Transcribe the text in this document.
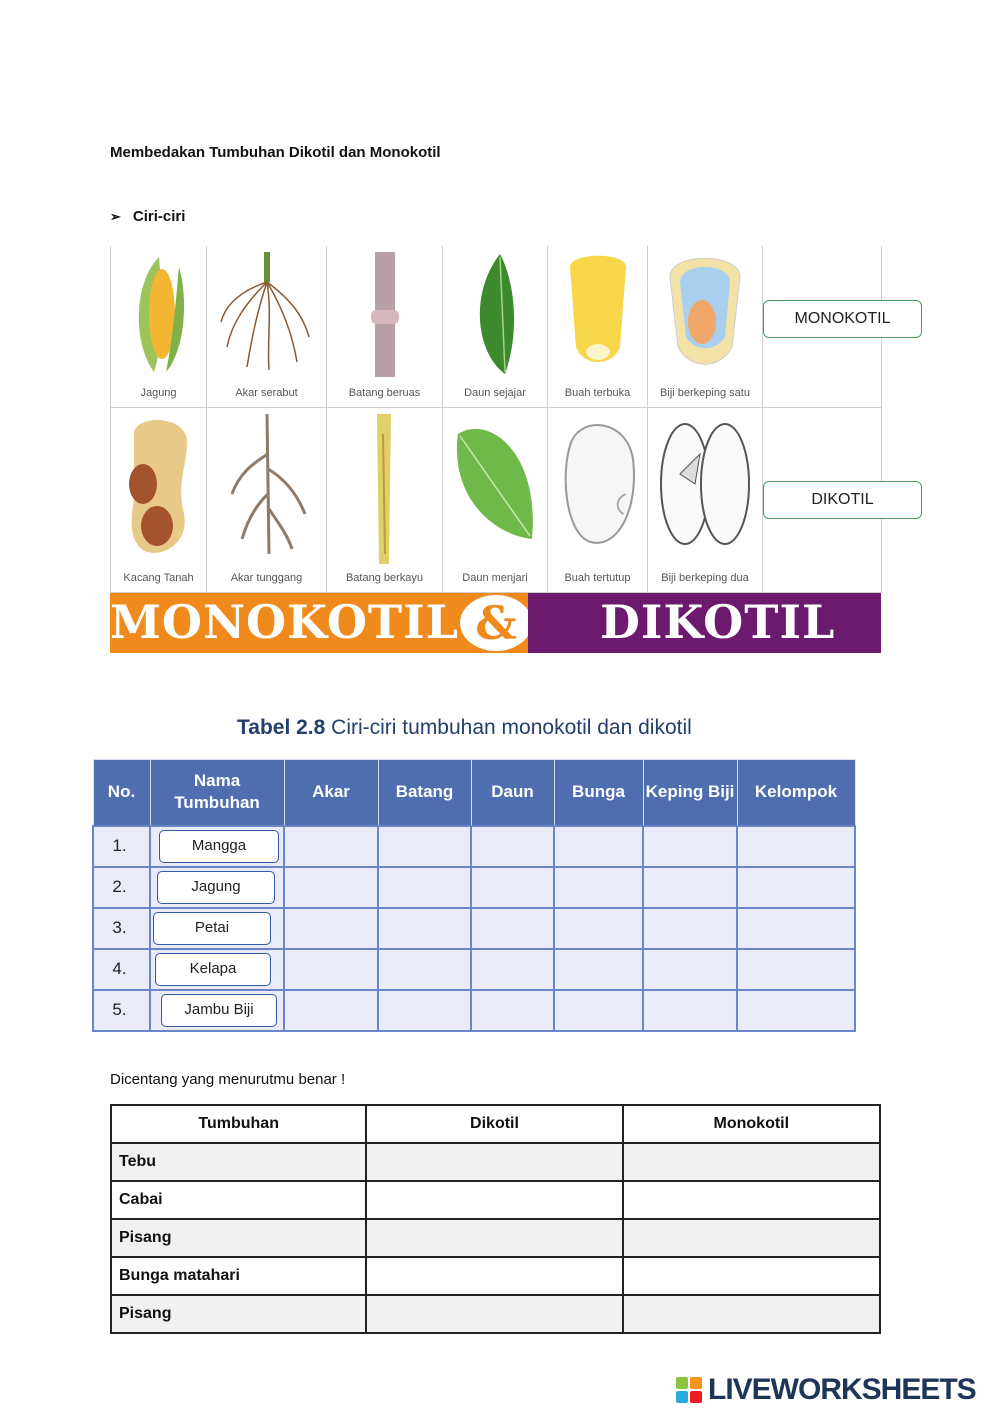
Membedakan Tumbuhan Dikotil dan Monokotil
➢ Ciri-ciri
Jagung	Akar serabut	Batang beruas	Daun sejajar	Buah terbuka	Biji berkeping satu
Kacang Tanah	Akar tunggang	Batang berkayu	Daun menjari	Buah tertutup	Biji berkeping dua
MONOKOTIL
DIKOTIL
MONOKOTIL &	DIKOTIL
Tabel 2.8 Ciri-ciri tumbuhan monokotil dan dikotil
No.	Nama Tumbuhan	Akar	Batang	Daun	Bunga	Keping Biji	Kelompok
1.	Mangga						
2.	Jagung						
3.	Petai						
4.	Kelapa						
5.	Jambu Biji						
Dicentang yang menurutmu benar !
Tumbuhan	Dikotil	Monokotil
Tebu		
Cabai		
Pisang		
Bunga matahari		
Pisang		
LIVEWORKSHEETS
